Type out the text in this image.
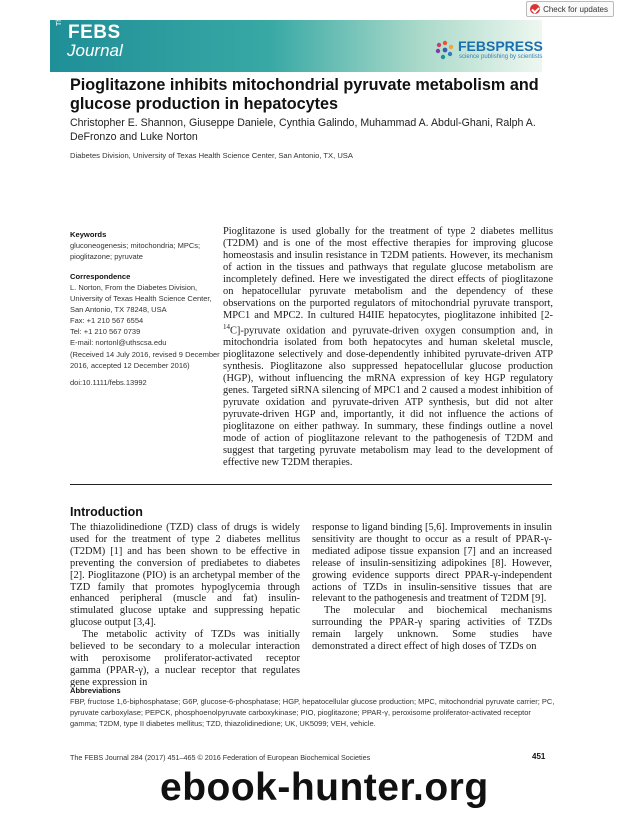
Check for updates
The
FEBS
Journal	FEBSPRESS
science publishing by scientists
Pioglitazone inhibits mitochondrial pyruvate metabolism and glucose production in hepatocytes
Christopher E. Shannon, Giuseppe Daniele, Cynthia Galindo, Muhammad A. Abdul-Ghani, Ralph A. DeFronzo and Luke Norton
Diabetes Division, University of Texas Health Science Center, San Antonio, TX, USA
Keywords
gluconeogenesis; mitochondria; MPCs; pioglitazone; pyruvate
Correspondence
L. Norton, From the Diabetes Division,
University of Texas Health Science Center,
San Antonio, TX 78248, USA
Fax: +1 210 567 6554
Tel: +1 210 567 0739
E-mail: nortonl@uthscsa.edu
(Received 14 July 2016, revised 9 December 2016, accepted 12 December 2016)
doi:10.1111/febs.13992

Pioglitazone is used globally for the treatment of type 2 diabetes mellitus (T2DM) and is one of the most effective therapies for improving glucose homeostasis and insulin resistance in T2DM patients. However, its mechanism of action in the tissues and pathways that regulate glucose metabolism are incompletely defined. Here we investigated the direct effects of pioglitazone on hepatocellular pyruvate metabolism and the dependency of these observations on the purported regulators of mitochondrial pyruvate transport, MPC1 and MPC2. In cultured H4IIE hepatocytes, pioglitazone inhibited [2-$^{14}$C]-pyruvate oxidation and pyruvate-driven oxygen consumption and, in mitochondria isolated from both hepatocytes and human skeletal muscle, pioglitazone selectively and dose-dependently inhibited pyruvate-driven ATP synthesis. Pioglitazone also suppressed hepatocellular glucose production (HGP), without influencing the mRNA expression of key HGP regulatory genes. Targeted siRNA silencing of MPC1 and 2 caused a modest inhibition of pyruvate oxidation and pyruvate-driven ATP synthesis, but did not alter pyruvate-driven HGP and, importantly, it did not influence the actions of pioglitazone on either pathway. In summary, these findings outline a novel mode of action of pioglitazone relevant to the pathogenesis of T2DM and suggest that targeting pyruvate metabolism may lead to the development of effective new T2DM therapies.

Introduction

The thiazolidinedione (TZD) class of drugs is widely used for the treatment of type 2 diabetes mellitus (T2DM) [1] and has been shown to be effective in preventing the conversion of prediabetes to diabetes [2]. Pioglitazone (PIO) is an archetypal member of the TZD family that promotes hypoglycemia through enhanced peripheral (muscle and fat) insulin-stimulated glucose uptake and suppressing hepatic glucose output [3,4].

The metabolic activity of TZDs was initially believed to be secondary to a molecular interaction with peroxisome proliferator-activated receptor gamma (PPAR-γ), a nuclear receptor that regulates gene expression in

response to ligand binding [5,6]. Improvements in insulin sensitivity are thought to occur as a result of PPAR-γ-mediated adipose tissue expansion [7] and an increased release of insulin-sensitizing adipokines [8]. However, growing evidence supports direct PPAR-γ-independent actions of TZDs in insulin-sensitive tissues that are relevant to the pathogenesis and treatment of T2DM [9].

The molecular and biochemical mechanisms surrounding the PPAR-γ sparing activities of TZDs remain largely unknown. Some studies have demonstrated a direct effect of high doses of TZDs on

Abbreviations
FBP, fructose 1,6-biphosphatase; G6P, glucose-6-phosphatase; HGP, hepatocellular glucose production; MPC, mitochondrial pyruvate carrier; PC, pyruvate carboxylase; PEPCK, phosphoenolpyruvate carboxykinase; PIO, pioglitazone; PPAR-γ, peroxisome proliferator-activated receptor gamma; T2DM, type II diabetes mellitus; TZD, thiazolidinedione; UK, UK5099; VEH, vehicle.
The FEBS Journal 284 (2017) 451–465 © 2016 Federation of European Biochemical Societies	451
ebook-hunter.org
